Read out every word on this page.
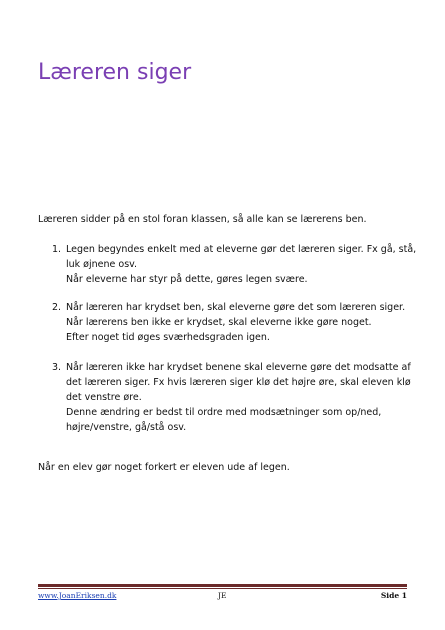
Læreren siger
Læreren sidder på en stol foran klassen, så alle kan se lærerens ben.
1. Legen begyndes enkelt med at eleverne gør det læreren siger. Fx gå, stå, luk øjnene osv.

Når eleverne har styr på dette, gøres legen svære.

2. Når læreren har krydset ben, skal eleverne gøre det som læreren siger.

Når lærerens ben ikke er krydset, skal eleverne ikke gøre noget.

Efter noget tid øges sværhedsgraden igen.

3. Når læreren ikke har krydset benene skal eleverne gøre det modsatte af det læreren siger. Fx hvis læreren siger klø det højre øre, skal eleven klø det venstre øre.

Denne ændring er bedst til ordre med modsætninger som op/ned, højre/venstre, gå/stå osv.

Når en elev gør noget forkert er eleven ude af legen.
www.JoanEriksen.dk	JE	Side 1
